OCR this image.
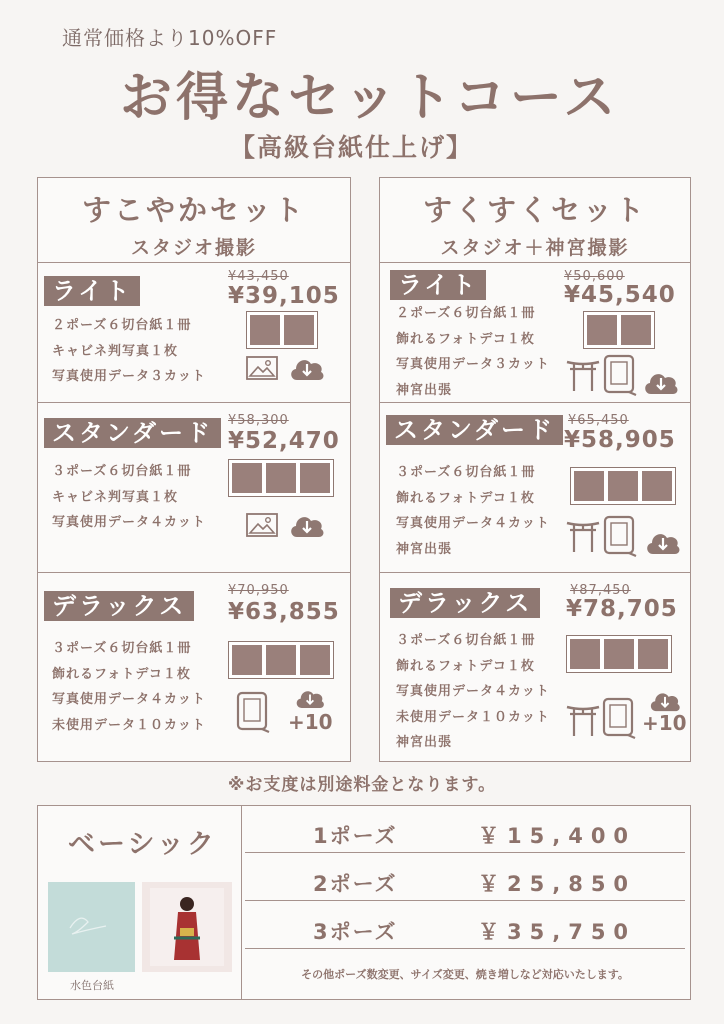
通常価格より10%OFF
お得なセットコース
【高級台紙仕上げ】
すこやかセット
スタジオ撮影
ライト
¥43,450
¥39,105
２ポーズ６切台紙１冊
キャビネ判写真１枚
写真使用データ３カット
スタンダード	¥58,300
¥52,470
３ポーズ６切台紙１冊
キャビネ判写真１枚
写真使用データ４カット
デラックス
¥70,950
¥63,855
３ポーズ６切台紙１冊
飾れるフォトデコ１枚
写真使用データ４カット
未使用データ１０カット	+10
すくすくセット
スタジオ＋神宮撮影
ライト	¥50,600
¥45,540
２ポーズ６切台紙１冊
飾れるフォトデコ１枚
写真使用データ３カット
神宮出張
スタンダード ¥65,450
¥58,905
３ポーズ６切台紙１冊
飾れるフォトデコ１枚
写真使用データ４カット
神宮出張
デラックス	¥87,450
¥78,705
３ポーズ６切台紙１冊
飾れるフォトデコ１枚
写真使用データ４カット
未使用データ１０カット
神宮出張
+10
※お支度は別途料金となります。
ベーシック
水色台紙
1ポーズ	￥15,400
2ポーズ	￥25,850
3ポーズ	￥35,750
その他ポーズ数変更、サイズ変更、焼き増しなど対応いたします。
